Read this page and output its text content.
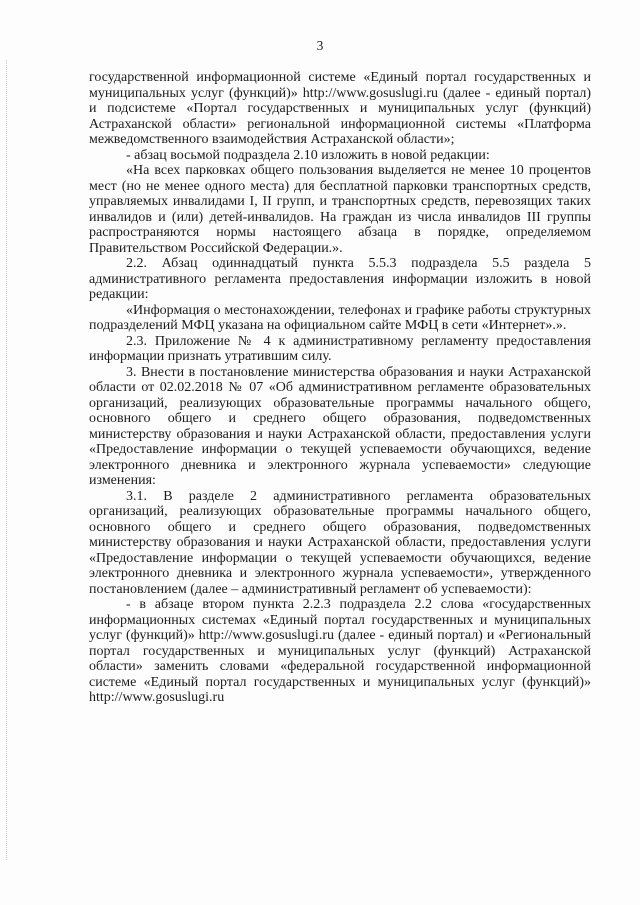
3

государственной информационной системе «Единый портал государственных и муниципальных услуг (функций)» http://www.gosuslugi.ru (далее - единый портал) и подсистеме «Портал государственных и муниципальных услуг (функций) Астраханской области» региональной информационной системы «Платформа межведомственного взаимодействия Астраханской области»;

- абзац восьмой подраздела 2.10 изложить в новой редакции:

«На всех парковках общего пользования выделяется не менее 10 процентов мест (но не менее одного места) для бесплатной парковки транспортных средств, управляемых инвалидами I, II групп, и транспортных средств, перевозящих таких инвалидов и (или) детей-инвалидов. На граждан из числа инвалидов III группы распространяются нормы настоящего абзаца в порядке, определяемом Правительством Российской Федерации.».

2.2. Абзац одиннадцатый пункта 5.5.3 подраздела 5.5 раздела 5 административного регламента предоставления информации изложить в новой редакции:

«Информация о местонахождении, телефонах и графике работы структурных подразделений МФЦ указана на официальном сайте МФЦ в сети «Интернет».».

2.3. Приложение № 4 к административному регламенту предоставления информации признать утратившим силу.

3. Внести в постановление министерства образования и науки Астраханской области от 02.02.2018 № 07 «Об административном регламенте образовательных организаций, реализующих образовательные программы начального общего, основного общего и среднего общего образования, подведомственных министерству образования и науки Астраханской области, предоставления услуги «Предоставление информации о текущей успеваемости обучающихся, ведение электронного дневника и электронного журнала успеваемости» следующие изменения:

3.1. В разделе 2 административного регламента образовательных организаций, реализующих образовательные программы начального общего, основного общего и среднего общего образования, подведомственных министерству образования и науки Астраханской области, предоставления услуги «Предоставление информации о текущей успеваемости обучающихся, ведение электронного дневника и электронного журнала успеваемости», утвержденного постановлением (далее – административный регламент об успеваемости):

- в абзаце втором пункта 2.2.3 подраздела 2.2 слова «государственных информационных системах «Единый портал государственных и муниципальных услуг (функций)» http://www.gosuslugi.ru (далее - единый портал) и «Региональный портал государственных и муниципальных услуг (функций) Астраханской области» заменить словами «федеральной государственной информационной системе «Единый портал государственных и муниципальных услуг (функций)» http://www.gosuslugi.ru
